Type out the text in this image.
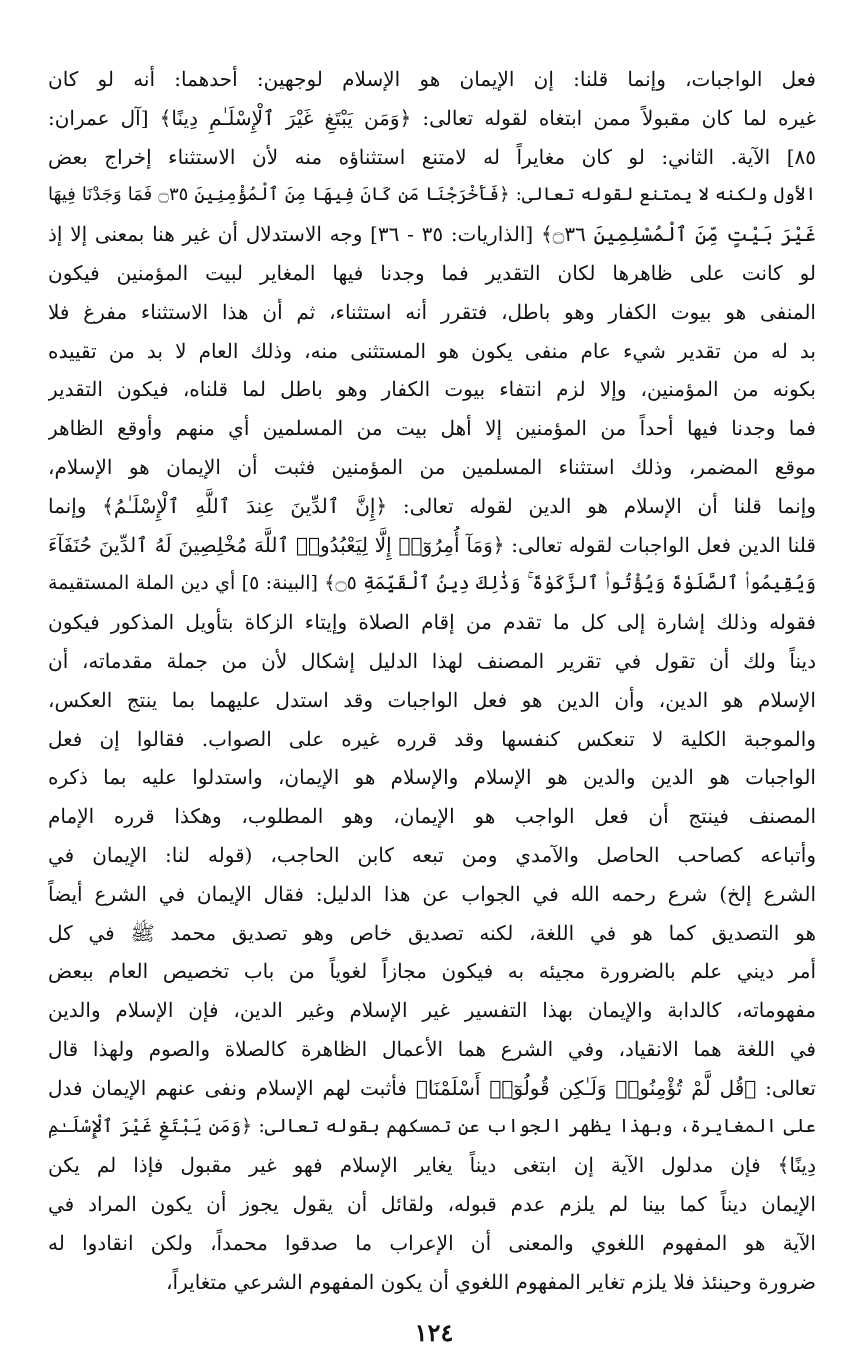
فعل الواجبات، وإنما قلنا: إن الإيمان هو الإسلام لوجهين: أحدهما: أنه لو كان
غيره لما كان مقبولاً ممن ابتغاه لقوله تعالى: ﴿وَمَن يَبْتَغِ غَيْرَ ٱلْإِسْلَـٰمِ دِينًا﴾ [آل عمران:
٨٥] الآية. الثاني: لو كان مغايراً له لامتنع استثناؤه منه لأن الاستثناء إخراج بعض
الأول ولكنه لا يمتنع لقوله تعالى: ﴿فَأَخْرَجْنَا مَن كَانَ فِيهَا مِنَ ٱلْمُؤْمِنِينَ ۝٣٥ فَمَا وَجَدْنَا فِيهَا
غَيْرَ بَيْتٍ مِّنَ ٱلْمُسْلِمِينَ ۝٣٦﴾ [الذاريات: ٣٥ - ٣٦] وجه الاستدلال أن غير هنا بمعنى إلا إذ
لو كانت على ظاهرها لكان التقدير فما وجدنا فيها المغاير لبيت المؤمنين فيكون
المنفى هو بيوت الكفار وهو باطل، فتقرر أنه استثناء، ثم أن هذا الاستثناء مفرغ فلا
بد له من تقدير شيء عام منفى يكون هو المستثنى منه، وذلك العام لا بد من تقييده
بكونه من المؤمنين، وإلا لزم انتفاء بيوت الكفار وهو باطل لما قلناه، فيكون التقدير
فما وجدنا فيها أحداً من المؤمنين إلا أهل بيت من المسلمين أي منهم وأوقع الظاهر
موقع المضمر، وذلك استثناء المسلمين من المؤمنين فثبت أن الإيمان هو الإسلام،
وإنما قلنا أن الإسلام هو الدين لقوله تعالى: ﴿إِنَّ ٱلدِّينَ عِندَ ٱللَّهِ ٱلْإِسْلَـٰمُ﴾ وإنما
قلنا الدين فعل الواجبات لقوله تعالى: ﴿وَمَآ أُمِرُوٓا۟ إِلَّا لِيَعْبُدُوا۟ ٱللَّهَ مُخْلِصِينَ لَهُ ٱلدِّينَ حُنَفَآءَ
وَيُقِيمُوا۟ ٱلصَّلَوٰةَ وَيُؤْتُوا۟ ٱلزَّكَوٰةَ ۚ وَذَٰلِكَ دِينُ ٱلْقَيِّمَةِ ۝٥﴾ [البينة: ٥] أي دين الملة المستقيمة
فقوله وذلك إشارة إلى كل ما تقدم من إقام الصلاة وإيتاء الزكاة بتأويل المذكور فيكون
ديناً ولك أن تقول في تقرير المصنف لهذا الدليل إشكال لأن من جملة مقدماته، أن
الإسلام هو الدين، وأن الدين هو فعل الواجبات وقد استدل عليهما بما ينتج العكس،
والموجبة الكلية لا تنعكس كنفسها وقد قرره غيره على الصواب. فقالوا إن فعل
الواجبات هو الدين والدين هو الإسلام والإسلام هو الإيمان، واستدلوا عليه بما ذكره
المصنف فينتج أن فعل الواجب هو الإيمان، وهو المطلوب، وهكذا قرره الإمام
وأتباعه كصاحب الحاصل والآمدي ومن تبعه كابن الحاجب، (قوله لنا: الإيمان في
الشرع إلخ) شرع رحمه الله في الجواب عن هذا الدليل: فقال الإيمان في الشرع أيضاً
هو التصديق كما هو في اللغة، لكنه تصديق خاص وهو تصديق محمد ﷺ في كل
أمر ديني علم بالضرورة مجيئه به فيكون مجازاً لغوياً من باب تخصيص العام ببعض
مفهوماته، كالدابة والإيمان بهذا التفسير غير الإسلام وغير الدين، فإن الإسلام والدين
في اللغة هما الانقياد، وفي الشرع هما الأعمال الظاهرة كالصلاة والصوم ولهذا قال
تعالى: ﴿قُل لَّمْ تُؤْمِنُوا۟ وَلَـٰكِن قُولُوٓا۟ أَسْلَمْنَا﴾ فأثبت لهم الإسلام ونفى عنهم الإيمان فدل
على المغايرة، وبهذا يظهر الجواب عن تمسكهم بقوله تعالى: ﴿وَمَن يَبْتَغِ غَيْرَ ٱلْإِسْلَـٰمِ
دِينًا﴾ فإن مدلول الآية إن ابتغى ديناً يغاير الإسلام فهو غير مقبول فإذا لم يكن
الإيمان ديناً كما بينا لم يلزم عدم قبوله، ولقائل أن يقول يجوز أن يكون المراد في
الآية هو المفهوم اللغوي والمعنى أن الإعراب ما صدقوا محمداً، ولكن انقادوا له
ضرورة وحينئذ فلا يلزم تغاير المفهوم اللغوي أن يكون المفهوم الشرعي متغايراً،
١٢٤
